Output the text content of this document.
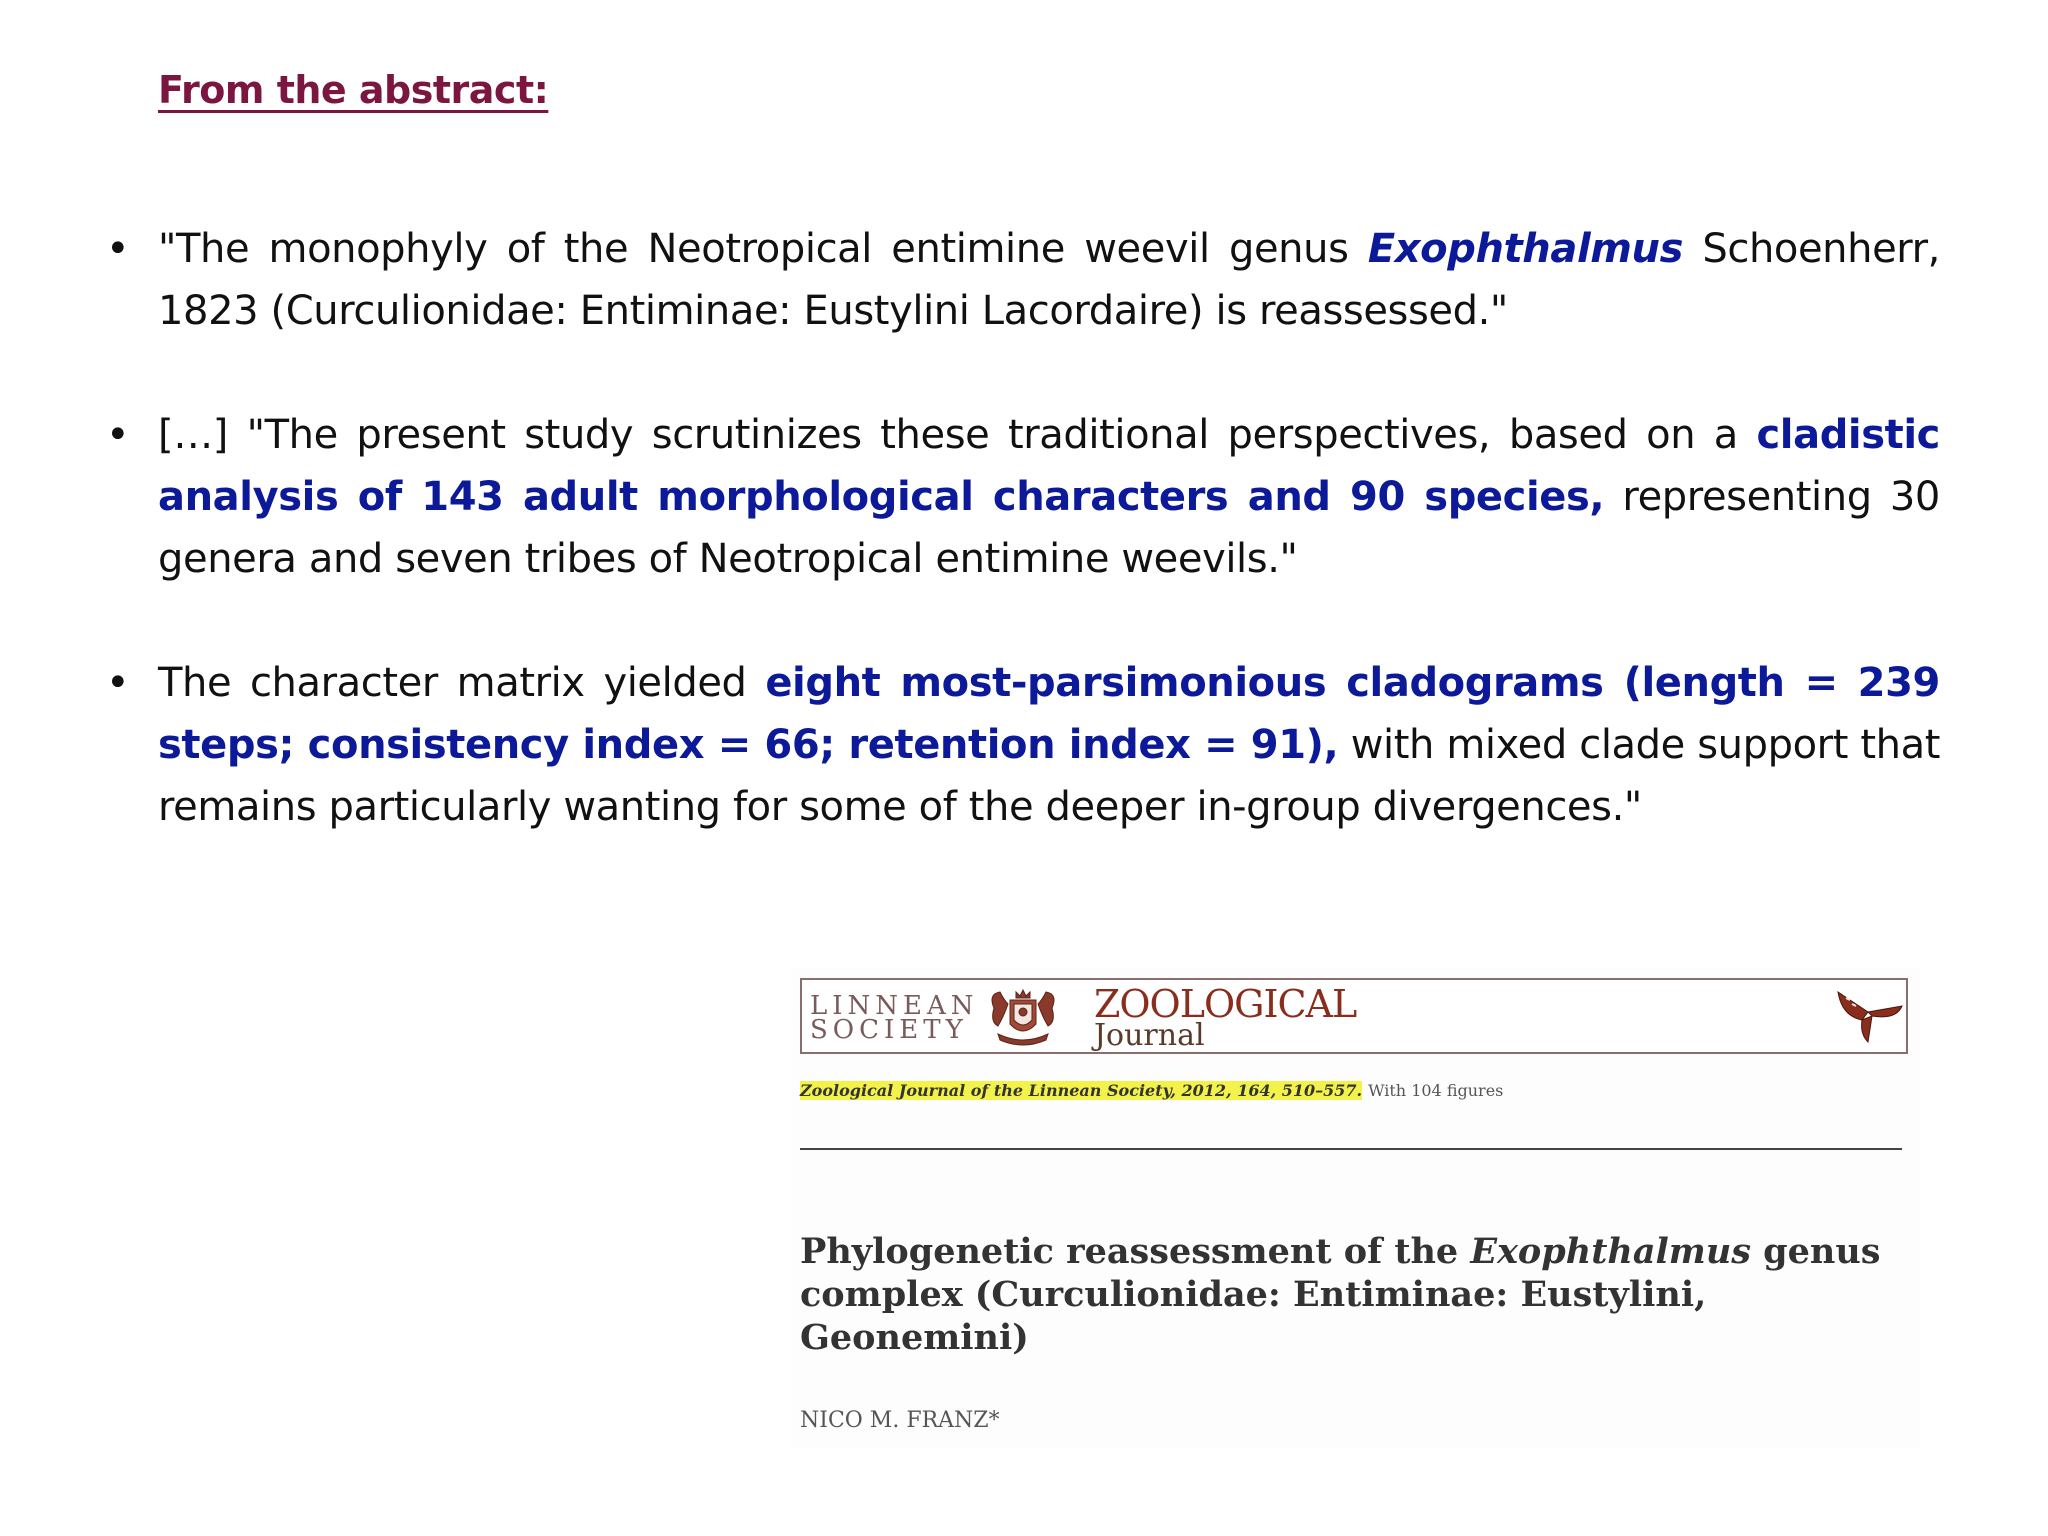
From the abstract:
• "The monophyly of the Neotropical entimine weevil genus Exophthalmus Schoenherr, 1823 (Curculionidae: Entiminae: Eustylini Lacordaire) is reassessed."
• […] "The present study scrutinizes these traditional perspectives, based on a cladistic analysis of 143 adult morphological characters and 90 species, representing 30 genera and seven tribes of Neotropical entimine weevils."
• The character matrix yielded eight most-parsimonious cladograms (length = 239 steps; consistency index = 66; retention index = 91), with mixed clade support that remains particularly wanting for some of the deeper in-group divergences."
LINNEAN
SOCIETY
ZOOLOGICAL
Journal
Zoological Journal of the Linnean Society, 2012, 164, 510–557. With 104 figures
Phylogenetic reassessment of the Exophthalmus genus complex (Curculionidae: Entiminae: Eustylini, Geonemini)
NICO M. FRANZ*
